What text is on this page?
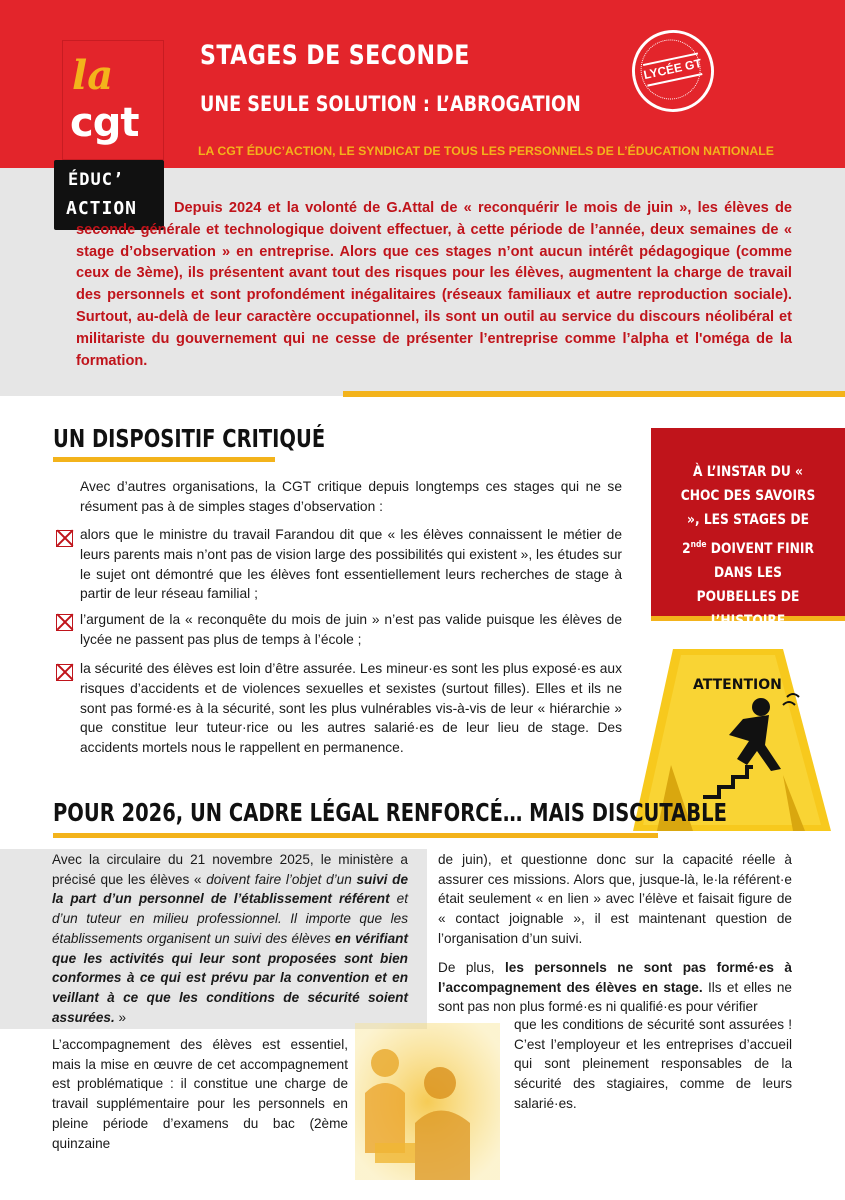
la
cgt
ÉDUC’
ACTION
STAGES DE SECONDE
UNE SEULE SOLUTION : L’ABROGATION
LA CGT ÉDUC’ACTION, LE SYNDICAT DE TOUS LES PERSONNELS DE L’ÉDUCATION NATIONALE
LYCÉE GT
Depuis 2024 et la volonté de G.Attal de « reconquérir le mois de juin », les élèves de seconde générale et technologique doivent effectuer, à cette période de l’année, deux semaines de « stage d’observation » en entreprise. Alors que ces stages n’ont aucun intérêt pédagogique (comme ceux de 3ème), ils présentent avant tout des risques pour les élèves, augmentent la charge de travail des personnels et sont profondément inégalitaires (réseaux familiaux et autre reproduction sociale). Surtout, au-delà de leur caractère occupationnel, ils sont un outil au service du discours néolibéral et militariste du gouvernement qui ne cesse de présenter l’entreprise comme l’alpha et l'oméga de la formation.
UN DISPOSITIF CRITIQUÉ
Avec d’autres organisations, la CGT critique depuis longtemps ces stages qui ne se résument pas à de simples stages d’observation :
alors que le ministre du travail Farandou dit que « les élèves connaissent le métier de leurs parents mais n’ont pas de vision large des possibilités qui existent », les études sur le sujet ont démontré que les élèves font essentiellement leurs recherches de stage à partir de leur réseau familial ;
l’argument de la « reconquête du mois de juin » n’est pas valide puisque les élèves de lycée ne passent pas plus de temps à l’école ;
la sécurité des élèves est loin d’être assurée. Les mineur·es sont les plus exposé·es aux risques d’accidents et de violences sexuelles et sexistes (surtout filles). Elles et ils ne sont pas formé·es à la sécurité, sont les plus vulnérables vis-à-vis de leur « hiérarchie » que constitue leur tuteur·rice ou les autres salarié·es de leur lieu de stage. Des accidents mortels nous le rappellent en permanence.
À L’INSTAR DU « CHOC DES SAVOIRS », LES STAGES DE 2nde DOIVENT FINIR DANS LES POUBELLES DE L’HISTOIRE
ATTENTION
POUR 2026, UN CADRE LÉGAL RENFORCÉ… MAIS DISCUTABLE
Avec la circulaire du 21 novembre 2025, le ministère a précisé que les élèves « doivent faire l’objet d’un suivi de la part d’un personnel de l’établissement référent et d’un tuteur en milieu professionnel. Il importe que les établissements organisent un suivi des élèves en vérifiant que les activités qui leur sont proposées sont bien conformes à ce qui est prévu par la convention et en veillant à ce que les conditions de sécurité soient assurées. »
L’accompagnement des élèves est essentiel, mais la mise en œuvre de cet accompagnement est problématique : il constitue une charge de travail supplémentaire pour les personnels en pleine période d’examens du bac (2ème quinzaine
de juin), et questionne donc sur la capacité réelle à assurer ces missions. Alors que, jusque-là, le·la référent·e était seulement « en lien » avec l’élève et faisait figure de « contact joignable », il est maintenant question de l’organisation d’un suivi.
De plus, les personnels ne sont pas formé·es à l’accompagnement des élèves en stage. Ils et elles ne sont pas non plus formé·es ni qualifié·es pour vérifier
que les conditions de sécurité sont assurées ! C’est l’employeur et les entreprises d’accueil qui sont pleinement responsables de la sécurité des stagiaires, comme de leurs salarié·es.
